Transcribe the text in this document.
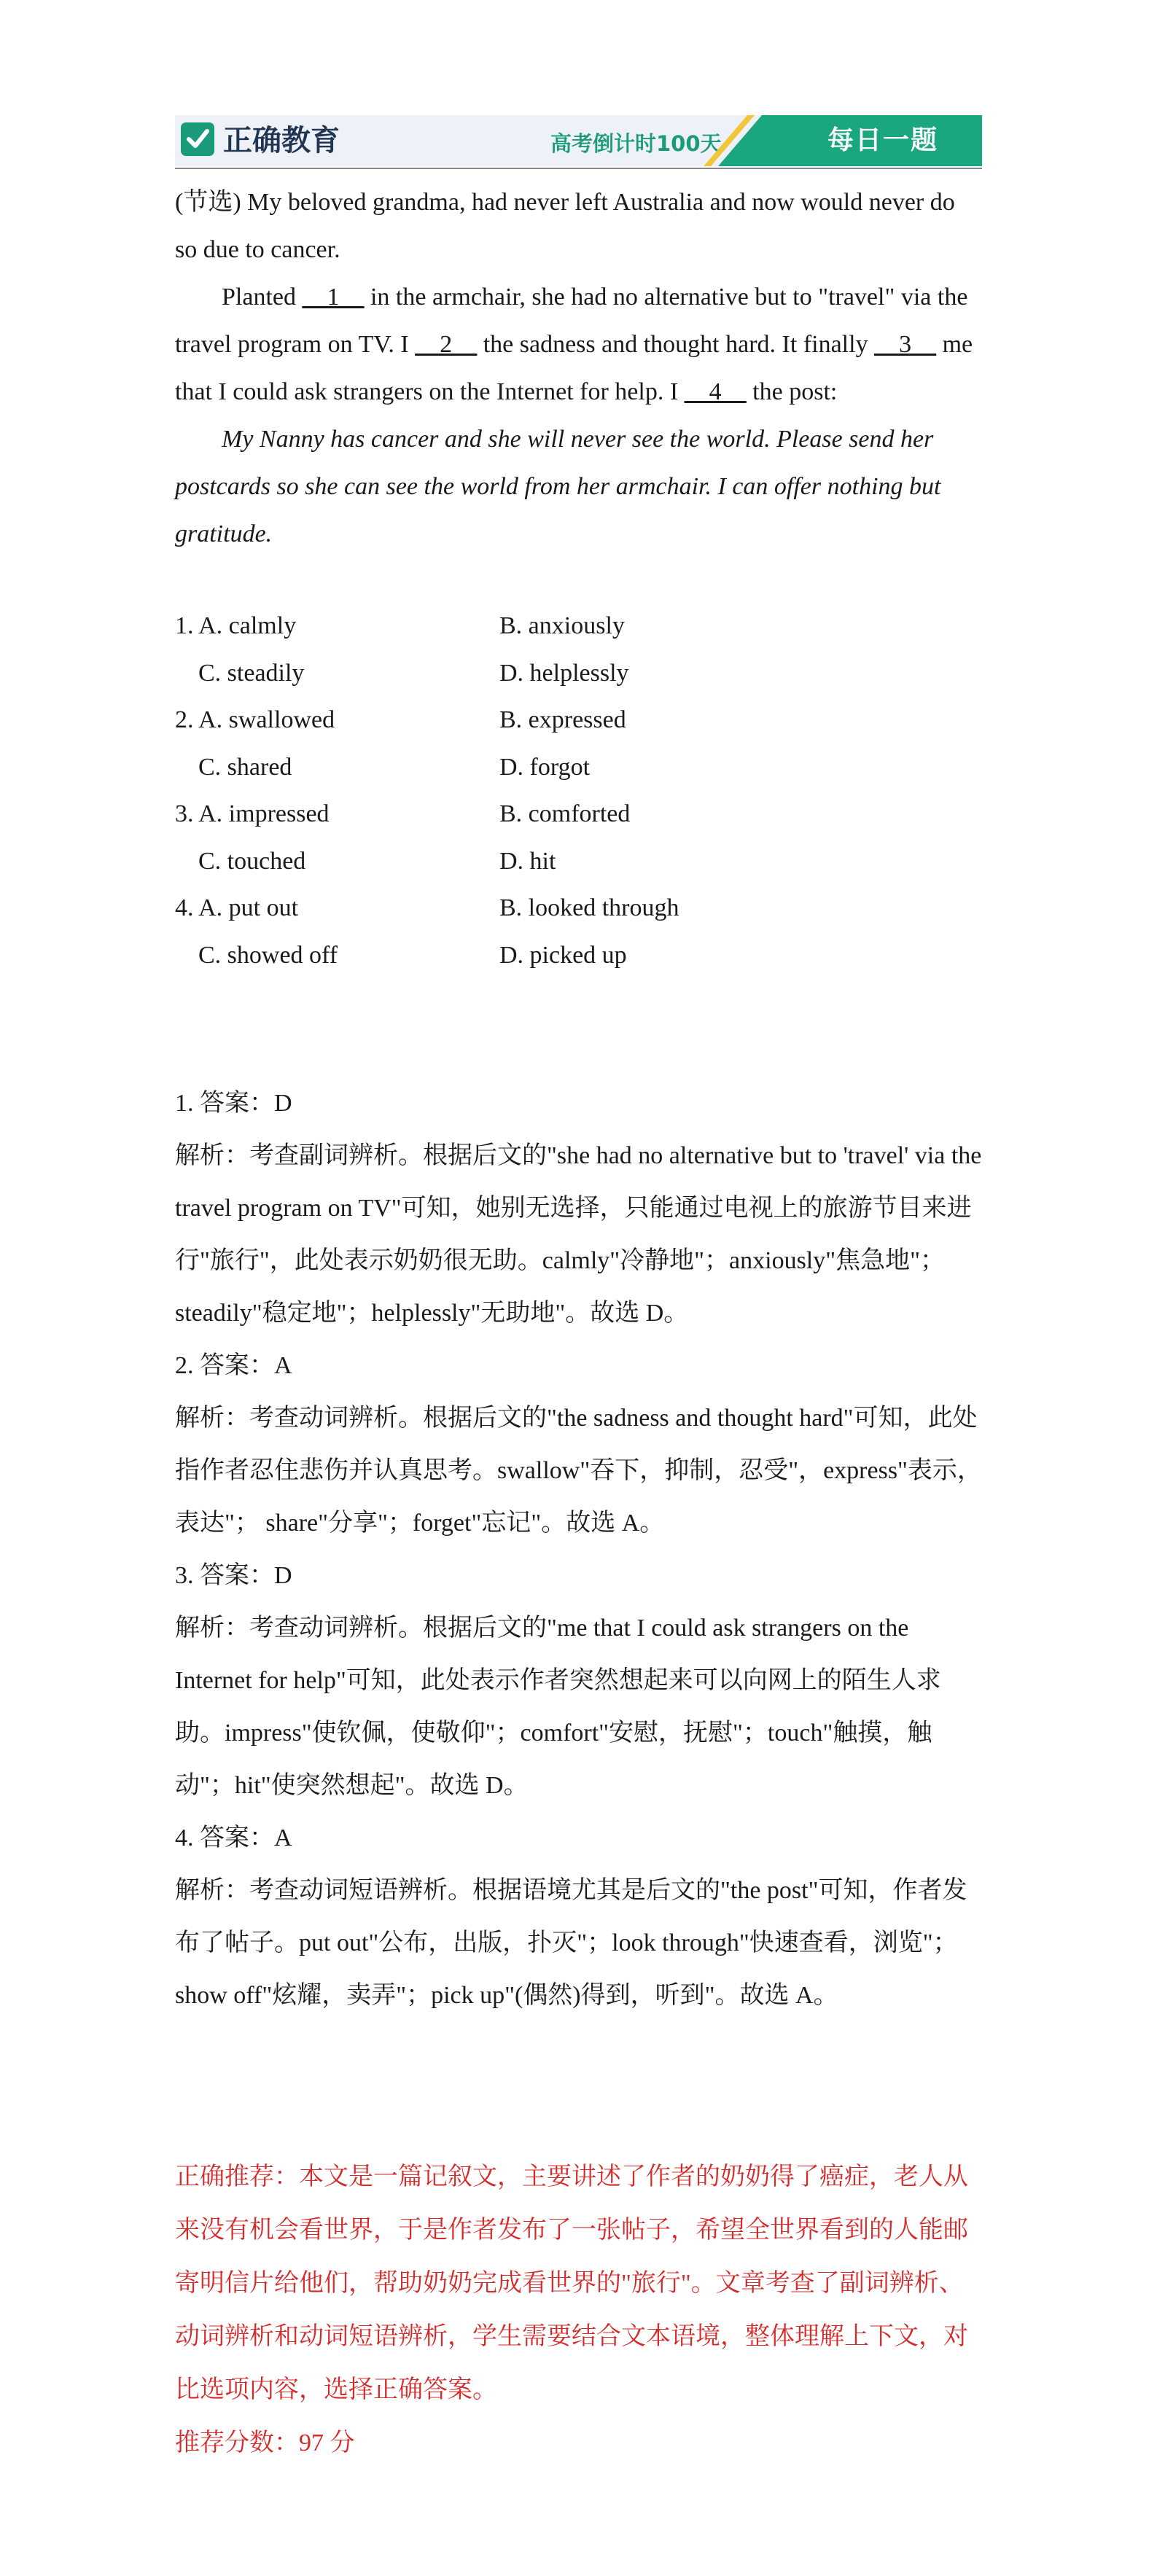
正确教育	高考倒计时100天	每日一题

(节选) My beloved grandma, had never left Australia and now would never do so due to cancer.

Planted __1__ in the armchair, she had no alternative but to "travel" via the travel program on TV. I __2__ the sadness and thought hard. It finally __3__ me that I could ask strangers on the Internet for help. I __4__ the post:

My Nanny has cancer and she will never see the world. Please send her postcards so she can see the world from her armchair. I can offer nothing but gratitude.

1. A. calmly	B. anxiously
C. steadily	D. helplessly
2. A. swallowed	B. expressed
C. shared	D. forgot
3. A. impressed	B. comforted
C. touched	D. hit
4. A. put out	B. looked through
C. showed off	D. picked up
1. 答案：D

解析：考查副词辨析。根据后文的"she had no alternative but to 'travel' via the travel program on TV"可知，她别无选择，只能通过电视上的旅游节目来进行"旅行"，此处表示奶奶很无助。calmly"冷静地"；anxiously"焦急地"；steadily"稳定地"；helplessly"无助地"。故选 D。

2. 答案：A

解析：考查动词辨析。根据后文的"the sadness and thought hard"可知，此处指作者忍住悲伤并认真思考。swallow"吞下，抑制，忍受"，express"表示，表达"； share"分享"；forget"忘记"。故选 A。

3. 答案：D

解析：考查动词辨析。根据后文的"me that I could ask strangers on the Internet for help"可知，此处表示作者突然想起来可以向网上的陌生人求助。impress"使钦佩，使敬仰"；comfort"安慰，抚慰"；touch"触摸，触动"；hit"使突然想起"。故选 D。

4. 答案：A

解析：考查动词短语辨析。根据语境尤其是后文的"the post"可知，作者发布了帖子。put out"公布，出版，扑灭"；look through"快速查看，浏览"；show off"炫耀，卖弄"；pick up"(偶然)得到，听到"。故选 A。

正确推荐：本文是一篇记叙文，主要讲述了作者的奶奶得了癌症，老人从来没有机会看世界，于是作者发布了一张帖子，希望全世界看到的人能邮寄明信片给他们，帮助奶奶完成看世界的"旅行"。文章考查了副词辨析、动词辨析和动词短语辨析，学生需要结合文本语境，整体理解上下文，对比选项内容，选择正确答案。

推荐分数：97 分
